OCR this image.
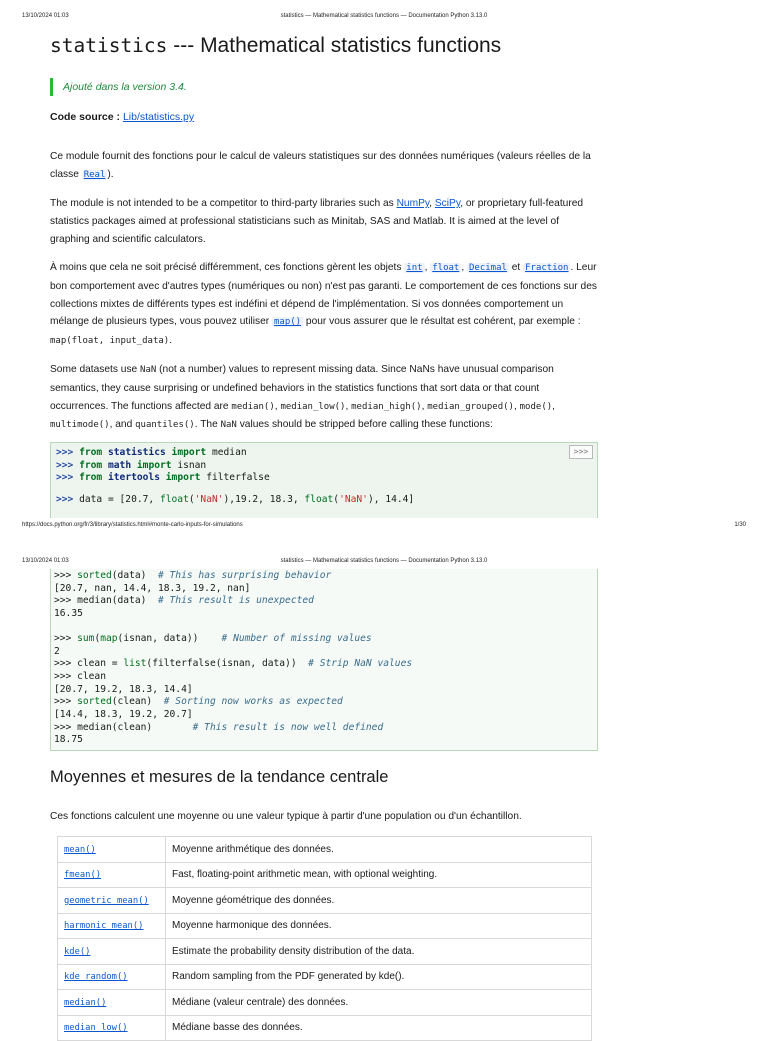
13/10/2024 01:03	statistics — Mathematical statistics functions — Documentation Python 3.13.0
statistics --- Mathematical statistics functions
Ajouté dans la version 3.4.
Code source : Lib/statistics.py

Ce module fournit des fonctions pour le calcul de valeurs statistiques sur des données numériques (valeurs réelles de la classe Real ).

The module is not intended to be a competitor to third-party libraries such as NumPy, SciPy, or proprietary full-featured statistics packages aimed at professional statisticians such as Minitab, SAS and Matlab. It is aimed at the level of graphing and scientific calculators.

À moins que cela ne soit précisé différemment, ces fonctions gèrent les objets int , float , Decimal et Fraction . Leur bon comportement avec d'autres types (numériques ou non) n'est pas garanti. Le comportement de ces fonctions sur des collections mixtes de différents types est indéfini et dépend de l'implémentation. Si vos données comportement un mélange de plusieurs types, vous pouvez utiliser map() pour vous assurer que le résultat est cohérent, par exemple : map(float, input_data).

Some datasets use NaN (not a number) values to represent missing data. Since NaNs have unusual comparison semantics, they cause surprising or undefined behaviors in the statistics functions that sort data or that count occurrences. The functions affected are median(), median_low(), median_high(), median_grouped(), mode(), multimode(), and quantiles(). The NaN values should be stripped before calling these functions:

>>>
>>> from statistics import median
>>> from math import isnan
>>> from itertools import filterfalse
>>> data = [20.7, float('NaN'),19.2, 18.3, float('NaN'), 14.4]
https://docs.python.org/fr/3/library/statistics.html#monte-carlo-inputs-for-simulations	1/30
13/10/2024 01:03	statistics — Mathematical statistics functions — Documentation Python 3.13.0
>>> sorted(data)  # This has surprising behavior
[20.7, nan, 14.4, 18.3, 19.2, nan]
>>> median(data)  # This result is unexpected
16.35
>>> sum(map(isnan, data))    # Number of missing values
2
>>> clean = list(filterfalse(isnan, data))  # Strip NaN values
>>> clean
[20.7, 19.2, 18.3, 14.4]
>>> sorted(clean)  # Sorting now works as expected
[14.4, 18.3, 19.2, 20.7]
>>> median(clean)       # This result is now well defined
18.75
Moyennes et mesures de la tendance centrale

Ces fonctions calculent une moyenne ou une valeur typique à partir d'une population ou d'un échantillon.

mean()	Moyenne arithmétique des données.
fmean()	Fast, floating-point arithmetic mean, with optional weighting.
geometric_mean()	Moyenne géométrique des données.
harmonic_mean()	Moyenne harmonique des données.
kde()	Estimate the probability density distribution of the data.
kde_random()	Random sampling from the PDF generated by kde().
median()	Médiane (valeur centrale) des données.
median_low()	Médiane basse des données.
